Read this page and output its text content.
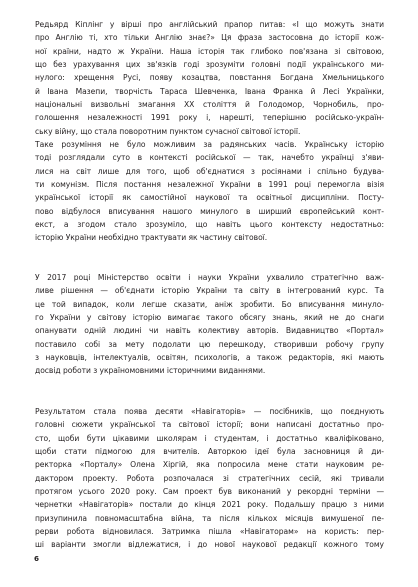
Редьярд Кіплінг у вірші про англійський прапор питав: «І що можуть знати
про Англію ті, хто тільки Англію знає?» Ця фраза застосовна до історії кож-
ної країни, надто ж України. Наша історія так глибоко пов'язана зі світовою,
що без урахування цих зв'язків годі зрозуміти головні події українського ми-
нулого: хрещення Русі, появу козацтва, повстання Богдана Хмельницького
й Івана Мазепи, творчість Тараса Шевченка, Івана Франка й Лесі Українки,
національні визвольні змагання ХХ століття й Голодомор, Чорнобиль, про-
голошення незалежності 1991 року і, нарешті, теперішню російсько-україн-
ську війну, що стала поворотним пунктом сучасної світової історії.
Таке розуміння не було можливим за радянських часів. Українську історію
тоді розглядали суто в контексті російської — так, начебто українці з'яви-
лися на світ лише для того, щоб об'єднатися з росіянами і спільно будува-
ти комунізм. Після постання незалежної України в 1991 році перемогла візія
української історії як самостійної наукової та освітньої дисципліни. Посту-
пово відбулося вписування нашого минулого в ширший європейський конт-
екст, а згодом стало зрозуміло, що навіть цього контексту недостатньо:
історію України необхідно трактувати як частину світової.
У 2017 році Міністерство освіти і науки України ухвалило стратегічно важ-
ливе рішення — об'єднати історію України та світу в інтегрований курс. Та
це той випадок, коли легше сказати, аніж зробити. Бо вписування минуло-
го України у світову історію вимагає такого обсягу знань, який не до снаги
опанувати одній людині чи навіть колективу авторів. Видавництво «Портал»
поставило собі за мету подолати цю перешкоду, створивши робочу групу
з науковців, інтелектуалів, освітян, психологів, а також редакторів, які мають
досвід роботи з україномовними історичними виданнями.
Результатом стала поява десяти «Навігаторів» — посібників, що поєднують
головні сюжети української та світової історії; вони написані достатньо про-
сто, щоби бути цікавими школярам і студентам, і достатньо кваліфіковано,
щоби стати підмогою для вчителів. Авторкою ідеї була засновниця й ди-
ректорка «Порталу» Олена Хіргій, яка попросила мене стати науковим ре-
дактором проекту. Робота розпочалася зі стратегічних сесій, які тривали
протягом усього 2020 року. Сам проект був виконаний у рекордні терміни —
чернетки «Навігаторів» постали до кінця 2021 року. Подальшу працю з ними
призупинила повномасштабна війна, та після кількох місяців вимушеної пе-
рерви робота відновилася. Затримка пішла «Навігаторам» на користь: пер-
ші варіанти змогли відлежатися, і до нової наукової редакції кожного тому
6
